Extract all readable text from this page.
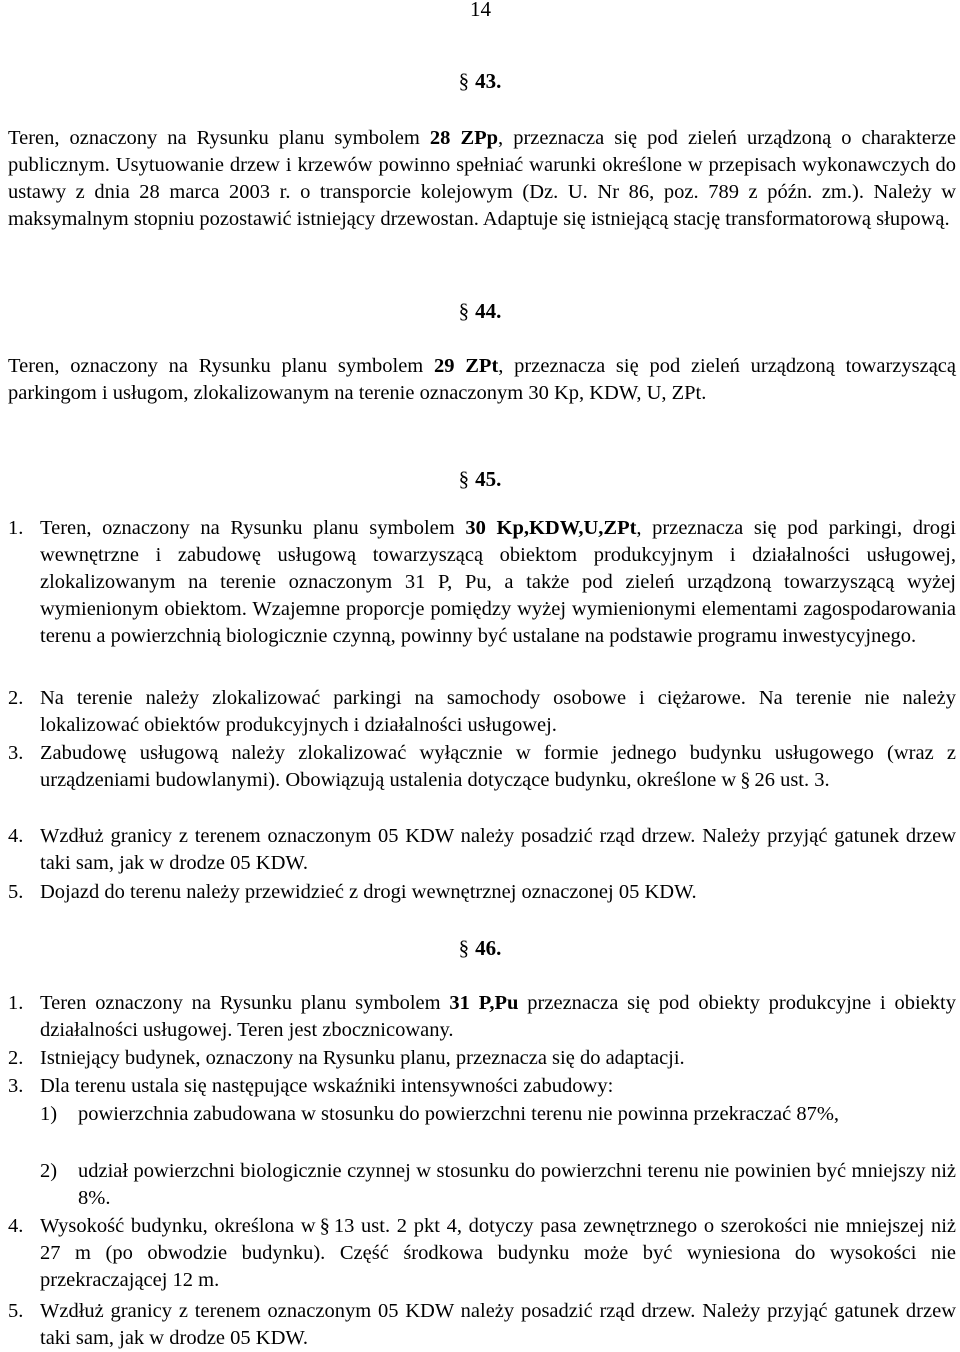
14
§ 43.
Teren, oznaczony na Rysunku planu symbolem 28 ZPp, przeznacza się pod zieleń urządzoną o charakterze publicznym. Usytuowanie drzew i krzewów powinno spełniać warunki określone w przepisach wykonawczych do ustawy z dnia 28 marca 2003 r. o transporcie kolejowym (Dz. U. Nr 86, poz. 789 z późn. zm.). Należy w maksymalnym stopniu pozostawić istniejący drzewostan. Adaptuje się istniejącą stację transformatorową słupową.
§ 44.
Teren, oznaczony na Rysunku planu symbolem 29 ZPt, przeznacza się pod zieleń urządzoną towarzyszącą parkingom i usługom, zlokalizowanym na terenie oznaczonym 30 Kp, KDW, U, ZPt.
§ 45.
1. Teren, oznaczony na Rysunku planu symbolem 30 Kp,KDW,U,ZPt, przeznacza się pod parkingi, drogi wewnętrzne i zabudowę usługową towarzyszącą obiektom produkcyjnym i działalności usługowej, zlokalizowanym na terenie oznaczonym 31 P, Pu, a także pod zieleń urządzoną towarzyszącą wyżej wymienionym obiektom. Wzajemne proporcje pomiędzy wyżej wymienionymi elementami zagospodarowania terenu a powierzchnią biologicznie czynną, powinny być ustalane na podstawie programu inwestycyjnego.
2. Na terenie należy zlokalizować parkingi na samochody osobowe i ciężarowe. Na terenie nie należy lokalizować obiektów produkcyjnych i działalności usługowej.
3. Zabudowę usługową należy zlokalizować wyłącznie w formie jednego budynku usługowego (wraz z urządzeniami budowlanymi). Obowiązują ustalenia dotyczące budynku, określone w § 26 ust. 3.
4. Wzdłuż granicy z terenem oznaczonym 05 KDW należy posadzić rząd drzew. Należy przyjąć gatunek drzew taki sam, jak w drodze 05 KDW.
5. Dojazd do terenu należy przewidzieć z drogi wewnętrznej oznaczonej 05 KDW.
§ 46.
1. Teren oznaczony na Rysunku planu symbolem 31 P,Pu przeznacza się pod obiekty produkcyjne i obiekty działalności usługowej. Teren jest zbocznicowany.
2. Istniejący budynek, oznaczony na Rysunku planu, przeznacza się do adaptacji.
3. Dla terenu ustala się następujące wskaźniki intensywności zabudowy:
1) powierzchnia zabudowana w stosunku do powierzchni terenu nie powinna przekraczać 87%,
2) udział powierzchni biologicznie czynnej w stosunku do powierzchni terenu nie powinien być mniejszy niż 8%.
4. Wysokość budynku, określona w § 13 ust. 2 pkt 4, dotyczy pasa zewnętrznego o szerokości nie mniejszej niż 27 m (po obwodzie budynku). Część środkowa budynku może być wyniesiona do wysokości nie przekraczającej 12 m.
5. Wzdłuż granicy z terenem oznaczonym 05 KDW należy posadzić rząd drzew. Należy przyjąć gatunek drzew taki sam, jak w drodze 05 KDW.
